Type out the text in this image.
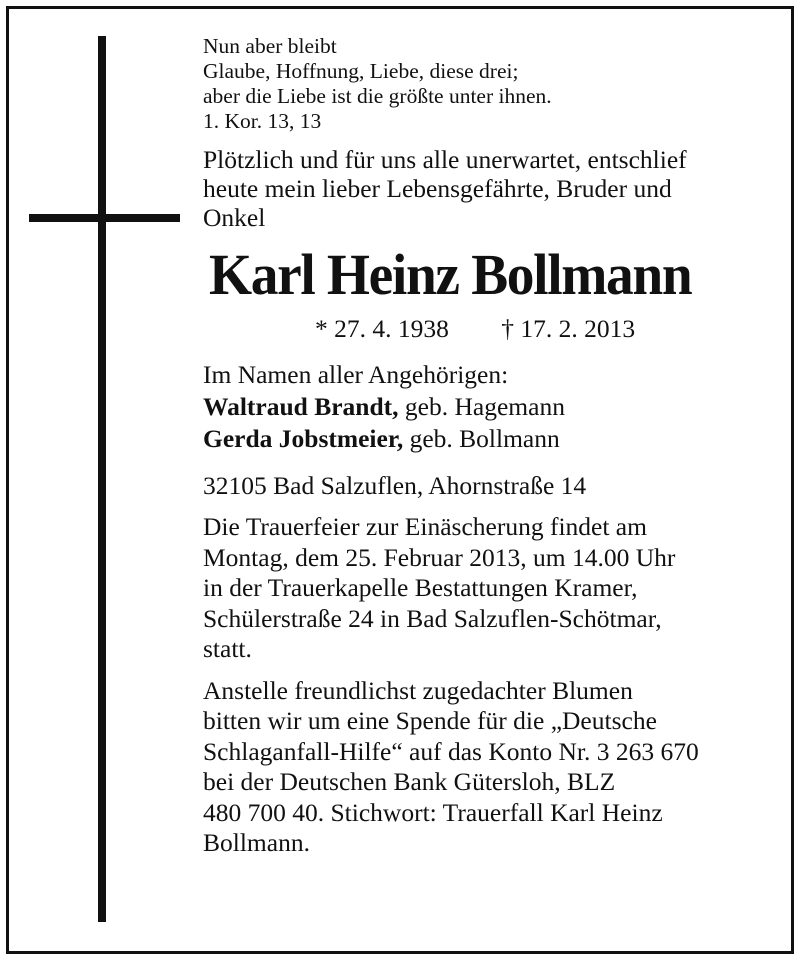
Nun aber bleibt
Glaube, Hoffnung, Liebe, diese drei;
aber die Liebe ist die größte unter ihnen.
1. Kor. 13, 13
Plötzlich und für uns alle unerwartet, entschlief
heute mein lieber Lebensgefährte, Bruder und
Onkel
Karl Heinz Bollmann
* 27. 4. 1938 † 17. 2. 2013
Im Namen aller Angehörigen:
Waltraud Brandt, geb. Hagemann
Gerda Jobstmeier, geb. Bollmann
32105 Bad Salzuflen, Ahornstraße 14
Die Trauerfeier zur Einäscherung findet am
Montag, dem 25. Februar 2013, um 14.00 Uhr
in der Trauerkapelle Bestattungen Kramer,
Schülerstraße 24 in Bad Salzuflen-Schötmar,
statt.
Anstelle freundlichst zugedachter Blumen
bitten wir um eine Spende für die „Deutsche
Schlaganfall-Hilfe“ auf das Konto Nr. 3 263 670
bei der Deutschen Bank Gütersloh, BLZ
480 700 40. Stichwort: Trauerfall Karl Heinz
Bollmann.
